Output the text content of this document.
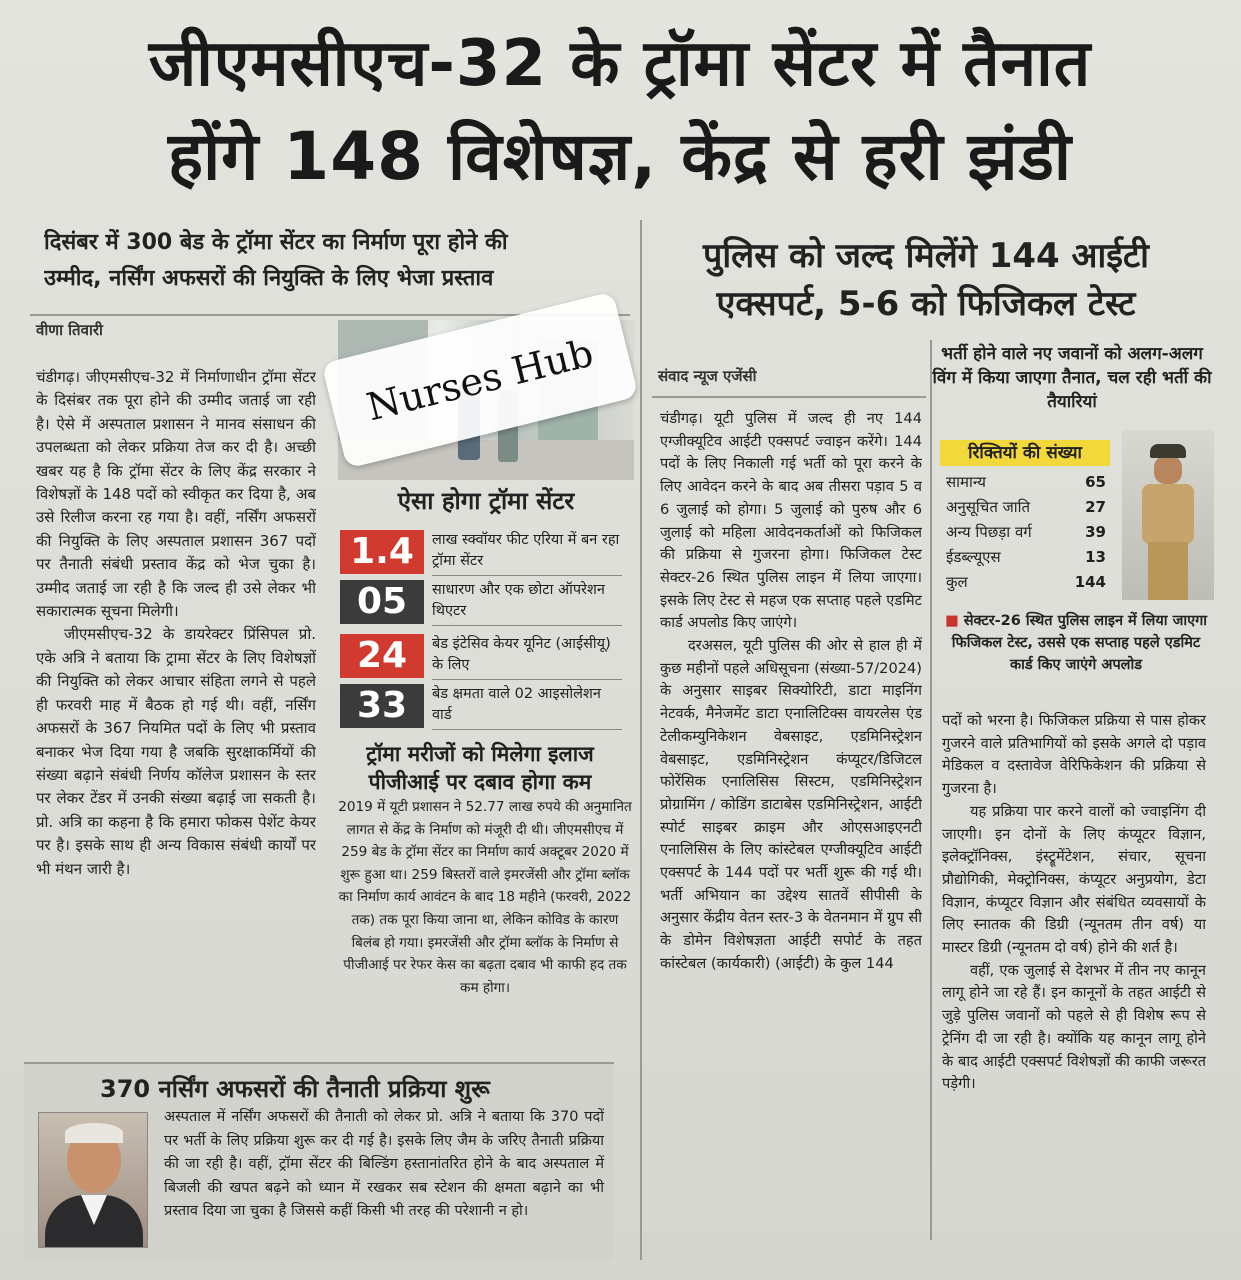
जीएमसीएच-32 के ट्रॉमा सेंटर में तैनात
होंगे 148 विशेषज्ञ, केंद्र से हरी झंडी
दिसंबर में 300 बेड के ट्रॉमा सेंटर का निर्माण पूरा होने की
उम्मीद, नर्सिंग अफसरों की नियुक्ति के लिए भेजा प्रस्ताव
वीणा तिवारी

चंडीगढ़। जीएमसीएच-32 में निर्माणाधीन ट्रॉमा सेंटर के दिसंबर तक पूरा होने की उम्मीद जताई जा रही है। ऐसे में अस्पताल प्रशासन ने मानव संसाधन की उपलब्धता को लेकर प्रक्रिया तेज कर दी है। अच्छी खबर यह है कि ट्रॉमा सेंटर के लिए केंद्र सरकार ने विशेषज्ञों के 148 पदों को स्वीकृत कर दिया है, अब उसे रिलीज करना रह गया है। वहीं, नर्सिंग अफसरों की नियुक्ति के लिए अस्पताल प्रशासन 367 पदों पर तैनाती संबंधी प्रस्ताव केंद्र को भेज चुका है। उम्मीद जताई जा रही है कि जल्द ही उसे लेकर भी सकारात्मक सूचना मिलेगी।

जीएमसीएच-32 के डायरेक्टर प्रिंसिपल प्रो. एके अत्रि ने बताया कि ट्रामा सेंटर के लिए विशेषज्ञों की नियुक्ति को लेकर आचार संहिता लगने से पहले ही फरवरी माह में बैठक हो गई थी। वहीं, नर्सिंग अफसरों के 367 नियमित पदों के लिए भी प्रस्ताव बनाकर भेज दिया गया है जबकि सुरक्षाकर्मियों की संख्या बढ़ाने संबंधी निर्णय कॉलेज प्रशासन के स्तर पर लेकर टेंडर में उनकी संख्या बढ़ाई जा सकती है। प्रो. अत्रि का कहना है कि हमारा फोकस पेशेंट केयर पर है। इसके साथ ही अन्य विकास संबंधी कार्यों पर भी मंथन जारी है।

Nurses Hub
ऐसा होगा ट्रॉमा सेंटर
1.4	लाख स्क्वॉयर फीट एरिया में बन रहा ट्रॉमा सेंटर
05	साधारण और एक छोटा ऑपरेशन थिएटर
24	बेड इंटेसिव केयर यूनिट (आईसीयू) के लिए
33	बेड क्षमता वाले 02 आइसोलेशन वार्ड
ट्रॉमा मरीजों को मिलेगा इलाज
पीजीआई पर दबाव होगा कम
2019 में यूटी प्रशासन ने 52.77 लाख रुपये की अनुमानित लागत से केंद्र के निर्माण को मंजूरी दी थी। जीएमसीएच में 259 बेड के ट्रॉमा सेंटर का निर्माण कार्य अक्टूबर 2020 में शुरू हुआ था। 259 बिस्तरों वाले इमरजेंसी और ट्रॉमा ब्लॉक का निर्माण कार्य आवंटन के बाद 18 महीने (फरवरी, 2022 तक) तक पूरा किया जाना था, लेकिन कोविड के कारण बिलंब हो गया। इमरजेंसी और ट्रॉमा ब्लॉक के निर्माण से पीजीआई पर रेफर केस का बढ़ता दबाव भी काफी हद तक कम होगा।
370 नर्सिंग अफसरों की तैनाती प्रक्रिया शुरू
अस्पताल में नर्सिंग अफसरों की तैनाती को लेकर प्रो. अत्रि ने बताया कि 370 पदों पर भर्ती के लिए प्रक्रिया शुरू कर दी गई है। इसके लिए जैम के जरिए तैनाती प्रक्रिया की जा रही है। वहीं, ट्रॉमा सेंटर की बिल्डिंग हस्तानांतरित होने के बाद अस्पताल में बिजली की खपत बढ़ने को ध्यान में रखकर सब स्टेशन की क्षमता बढ़ाने का भी प्रस्ताव दिया जा चुका है जिससे कहीं किसी भी तरह की परेशानी न हो।
पुलिस को जल्द मिलेंगे 144 आईटी
एक्सपर्ट, 5-6 को फिजिकल टेस्ट
संवाद न्यूज एजेंसी

चंडीगढ़। यूटी पुलिस में जल्द ही नए 144 एग्जीक्यूटिव आईटी एक्सपर्ट ज्वाइन करेंगे। 144 पदों के लिए निकाली गई भर्ती को पूरा करने के लिए आवेदन करने के बाद अब तीसरा पड़ाव 5 व 6 जुलाई को होगा। 5 जुलाई को पुरुष और 6 जुलाई को महिला आवेदनकर्ताओं को फिजिकल की प्रक्रिया से गुजरना होगा। फिजिकल टेस्ट सेक्टर-26 स्थित पुलिस लाइन में लिया जाएगा। इसके लिए टेस्ट से महज एक सप्ताह पहले एडमिट कार्ड अपलोड किए जाएंगे।

दरअसल, यूटी पुलिस की ओर से हाल ही में कुछ महीनों पहले अधिसूचना (संख्या-57/2024) के अनुसार साइबर सिक्योरिटी, डाटा माइनिंग नेटवर्क, मैनेजमेंट डाटा एनालिटिक्स वायरलेस एंड टेलीकम्युनिकेशन वेबसाइट, एडमिनिस्ट्रेशन वेबसाइट, एडमिनिस्ट्रेशन कंप्यूटर/डिजिटल फोरेंसिक एनालिसिस सिस्टम, एडमिनिस्ट्रेशन प्रोग्रामिंग / कोडिंग डाटाबेस एडमिनिस्ट्रेशन, आईटी स्पोर्ट साइबर क्राइम और ओएसआइएनटी एनालिसिस के लिए कांस्टेबल एग्जीक्यूटिव आईटी एक्सपर्ट के 144 पदों पर भर्ती शुरू की गई थी। भर्ती अभियान का उद्देश्य सातवें सीपीसी के अनुसार केंद्रीय वेतन स्तर-3 के वेतनमान में ग्रुप सी के डोमेन विशेषज्ञता आईटी सपोर्ट के तहत कांस्टेबल (कार्यकारी) (आईटी) के कुल 144

भर्ती होने वाले नए जवानों को अलग-अलग विंग में किया जाएगा तैनात, चल रही भर्ती की तैयारियां
रिक्तियों की संख्या
सामान्य	65
अनुसूचित जाति	27
अन्य पिछड़ा वर्ग	39
ईडब्ल्यूएस	13
कुल	144
■ सेक्टर-26 स्थित पुलिस लाइन में लिया जाएगा फिजिकल टेस्ट, उससे एक सप्ताह पहले एडमिट कार्ड किए जाएंगे अपलोड

पदों को भरना है। फिजिकल प्रक्रिया से पास होकर गुजरने वाले प्रतिभागियों को इसके अगले दो पड़ाव मेडिकल व दस्तावेज वेरिफिकेशन की प्रक्रिया से गुजरना है।

यह प्रक्रिया पार करने वालों को ज्वाइनिंग दी जाएगी। इन दोनों के लिए कंप्यूटर विज्ञान, इलेक्ट्रॉनिक्स, इंस्ट्रूमेंटेशन, संचार, सूचना प्रौद्योगिकी, मेक्ट्रोनिक्स, कंप्यूटर अनुप्रयोग, डेटा विज्ञान, कंप्यूटर विज्ञान और संबंधित व्यवसायों के लिए स्नातक की डिग्री (न्यूनतम तीन वर्ष) या मास्टर डिग्री (न्यूनतम दो वर्ष) होने की शर्त है।

वहीं, एक जुलाई से देशभर में तीन नए कानून लागू होने जा रहे हैं। इन कानूनों के तहत आईटी से जुड़े पुलिस जवानों को पहले से ही विशेष रूप से ट्रेनिंग दी जा रही है। क्योंकि यह कानून लागू होने के बाद आईटी एक्सपर्ट विशेषज्ञों की काफी जरूरत पड़ेगी।
